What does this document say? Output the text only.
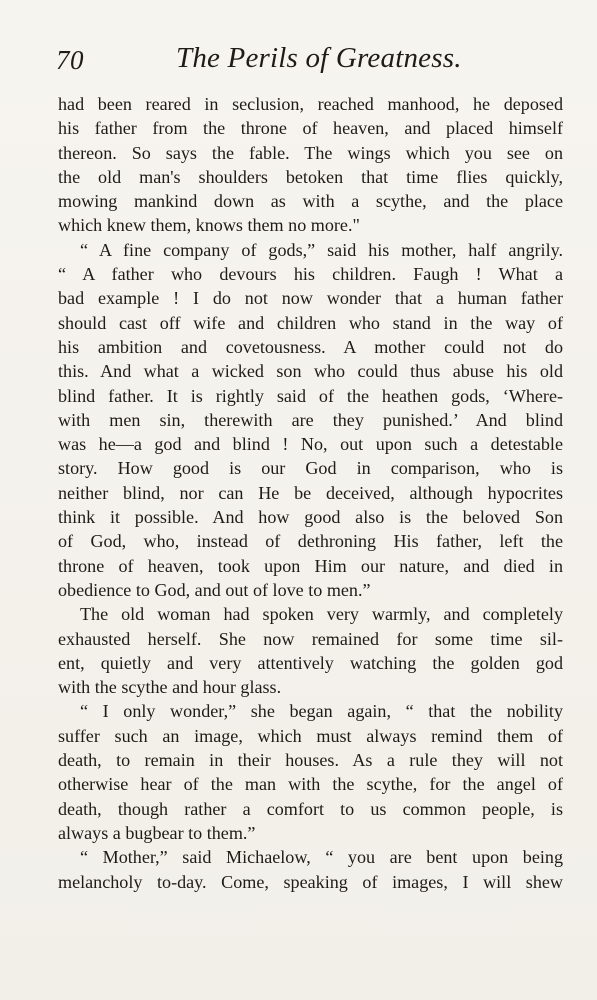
70	The Perils of Greatness.
had been reared in seclusion, reached manhood, he deposed
his father from the throne of heaven, and placed himself
thereon. So says the fable. The wings which you see on
the old man's shoulders betoken that time flies quickly,
mowing mankind down as with a scythe, and the place
which knew them, knows them no more."
“ A fine company of gods,” said his mother, half angrily.
“ A father who devours his children. Faugh ! What a
bad example ! I do not now wonder that a human father
should cast off wife and children who stand in the way of
his ambition and covetousness. A mother could not do
this. And what a wicked son who could thus abuse his old
blind father. It is rightly said of the heathen gods, ‘Where-
with men sin, therewith are they punished.’ And blind
was he—a god and blind ! No, out upon such a detestable
story. How good is our God in comparison, who is
neither blind, nor can He be deceived, although hypocrites
think it possible. And how good also is the beloved Son
of God, who, instead of dethroning His father, left the
throne of heaven, took upon Him our nature, and died in
obedience to God, and out of love to men.”
The old woman had spoken very warmly, and completely
exhausted herself. She now remained for some time sil-
ent, quietly and very attentively watching the golden god
with the scythe and hour glass.
“ I only wonder,” she began again, “ that the nobility
suffer such an image, which must always remind them of
death, to remain in their houses. As a rule they will not
otherwise hear of the man with the scythe, for the angel of
death, though rather a comfort to us common people, is
always a bugbear to them.”
“ Mother,” said Michaelow, “ you are bent upon being
melancholy to-day. Come, speaking of images, I will shew
